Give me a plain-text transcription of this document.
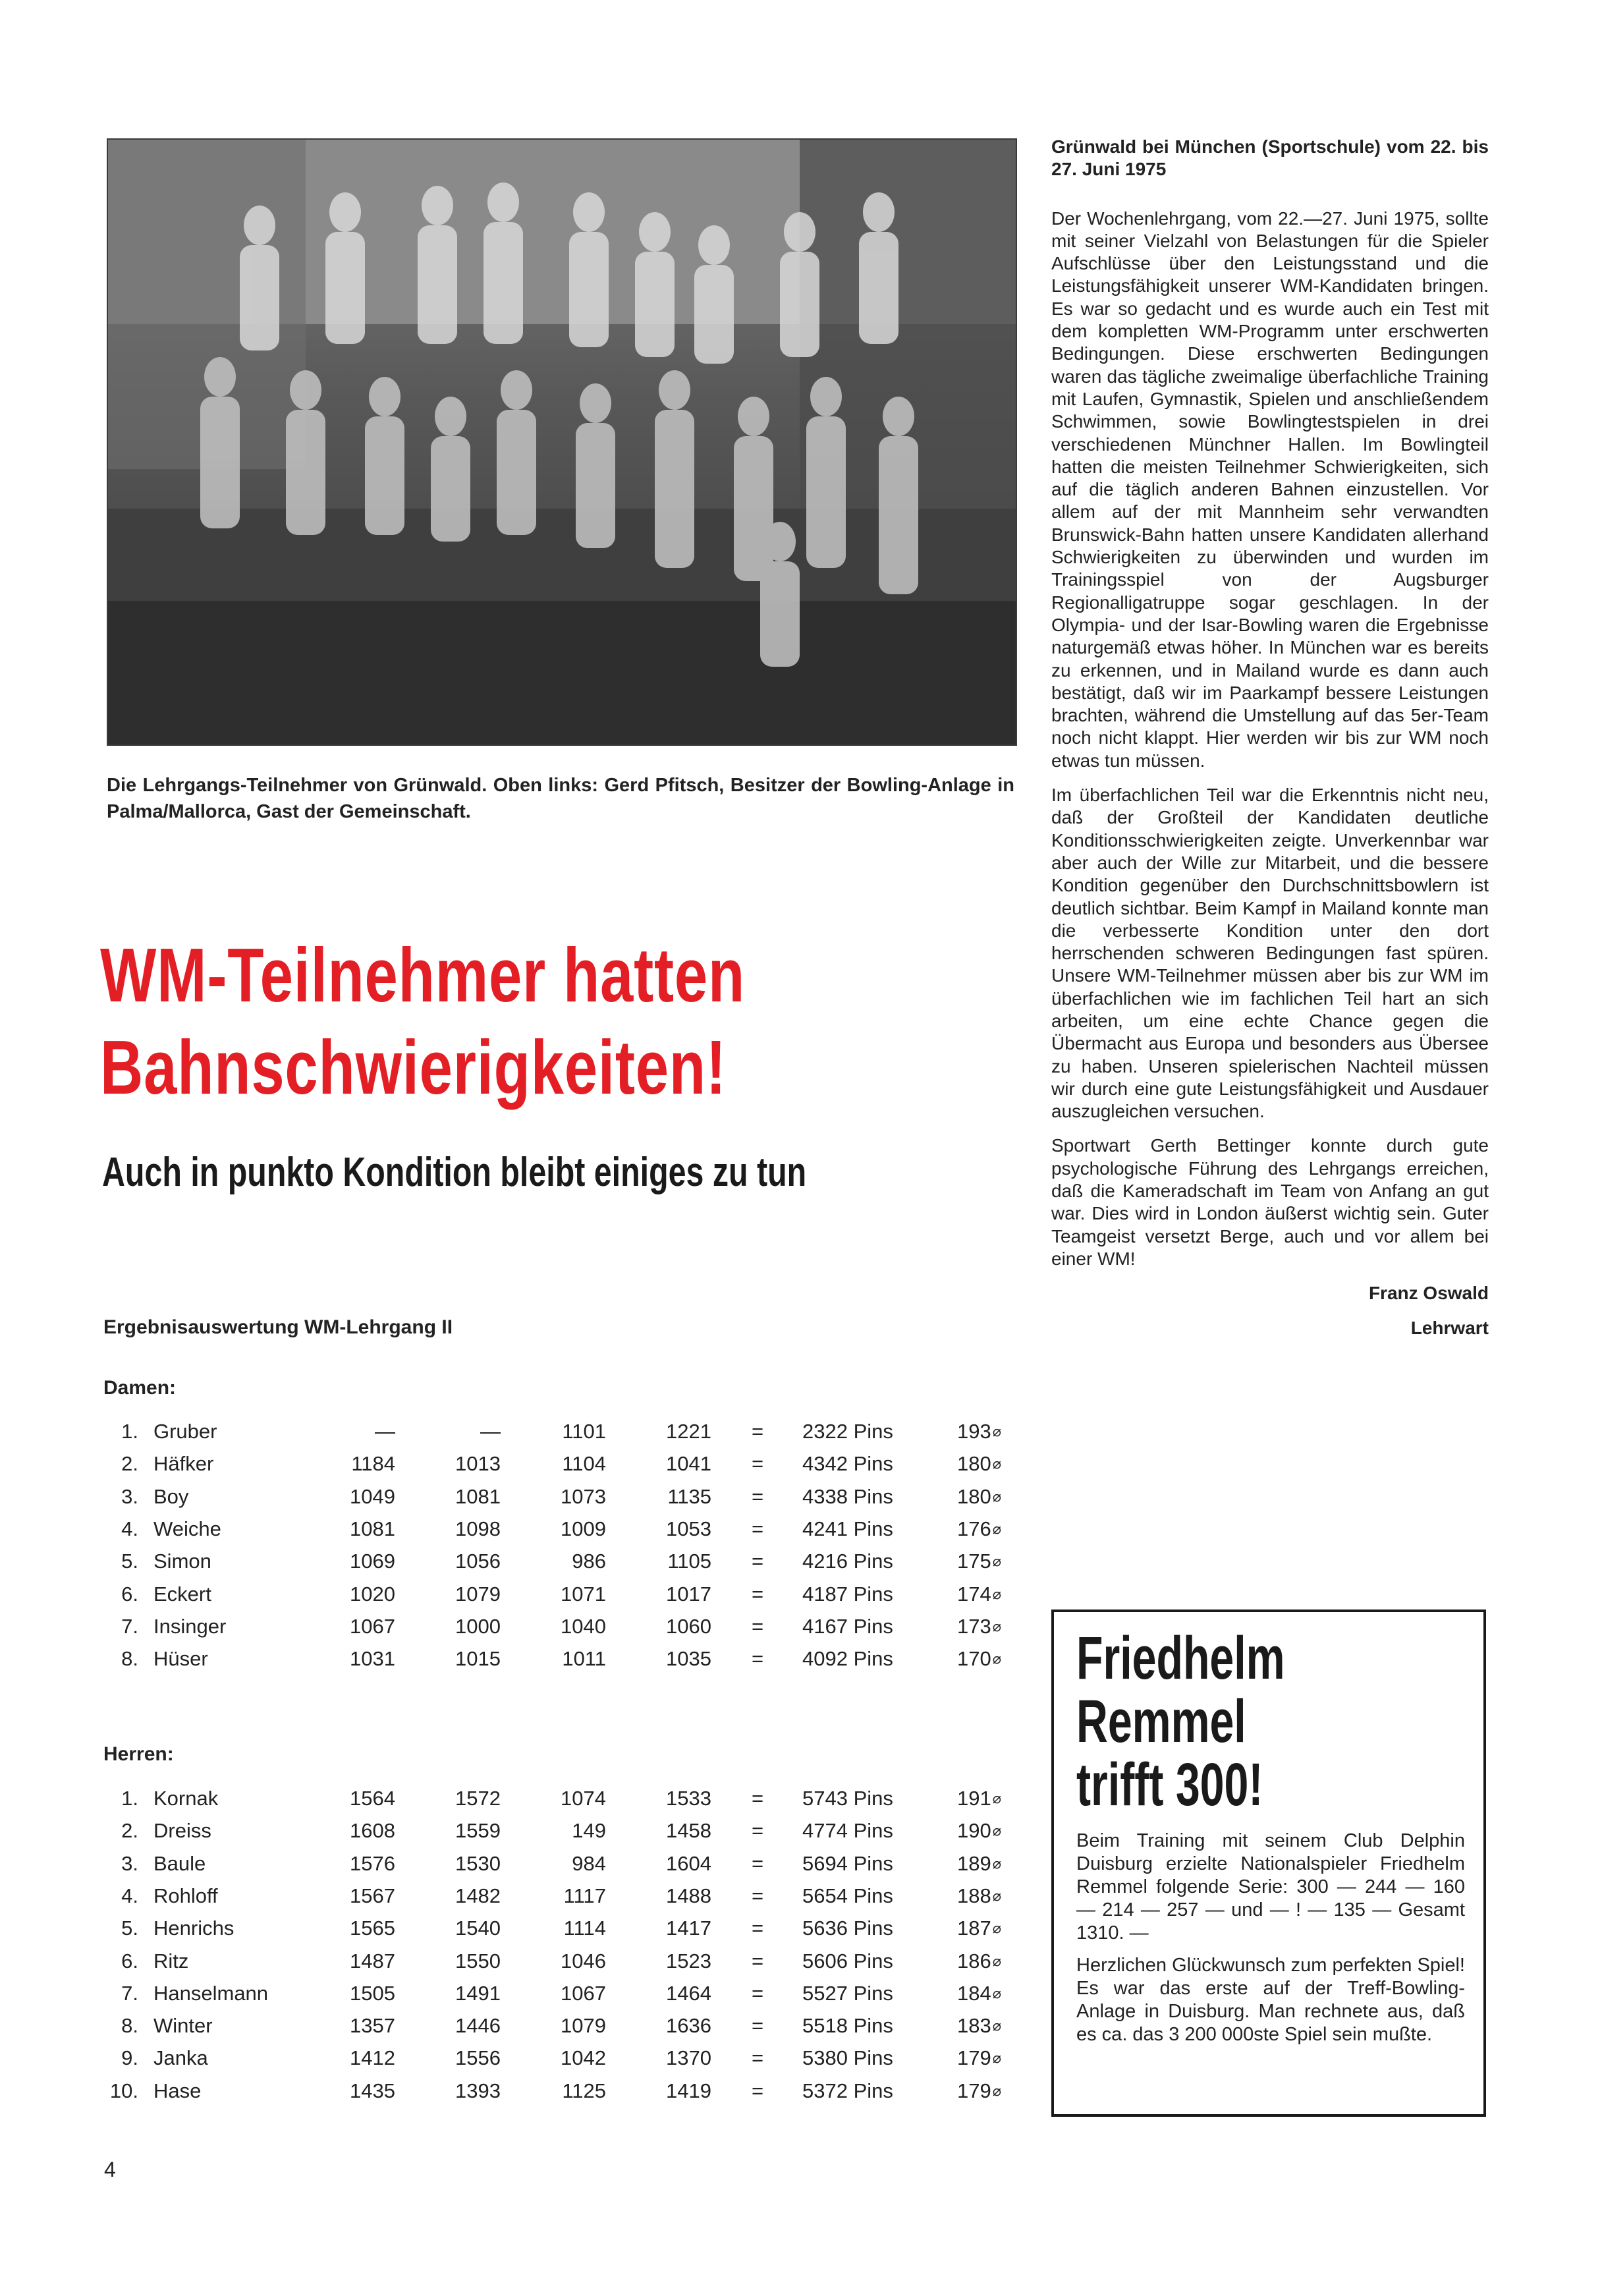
Die Lehrgangs-Teilnehmer von Grünwald. Oben links: Gerd Pfitsch, Besitzer der Bowling-Anlage in Palma/Mallorca, Gast der Gemeinschaft.
WM-Teilnehmer hatten
Bahnschwierigkeiten!
Auch in punkto Kondition bleibt einiges zu tun
Ergebnisauswertung WM-Lehrgang II
Damen:
1. Gruber	—	—	1101	1221	=	2322 Pins	193⌀
2. Häfker	1184	1013	1104	1041	=	4342 Pins	180⌀
3. Boy	1049	1081	1073	1135	=	4338 Pins	180⌀
4. Weiche	1081	1098	1009	1053	=	4241 Pins	176⌀
5. Simon	1069	1056	986	1105	=	4216 Pins	175⌀
6. Eckert	1020	1079	1071	1017	=	4187 Pins	174⌀
7. Insinger	1067	1000	1040	1060	=	4167 Pins	173⌀
8. Hüser	1031	1015	1011	1035	=	4092 Pins	170⌀
Herren:
1. Kornak	1564	1572	1074	1533	=	5743 Pins	191⌀
2. Dreiss	1608	1559	149	1458	=	4774 Pins	190⌀
3. Baule	1576	1530	984	1604	=	5694 Pins	189⌀
4. Rohloff	1567	1482	1117	1488	=	5654 Pins	188⌀
5. Henrichs	1565	1540	1114	1417	=	5636 Pins	187⌀
6. Ritz	1487	1550	1046	1523	=	5606 Pins	186⌀
7. Hanselmann	1505	1491	1067	1464	=	5527 Pins	184⌀
8. Winter	1357	1446	1079	1636	=	5518 Pins	183⌀
9. Janka	1412	1556	1042	1370	=	5380 Pins	179⌀
10. Hase	1435	1393	1125	1419	=	5372 Pins	179⌀

Grünwald bei München (Sportschule) vom 22. bis 27. Juni 1975

Der Wochenlehrgang, vom 22.—27. Juni 1975, sollte mit seiner Vielzahl von Belastungen für die Spieler Aufschlüsse über den Leistungsstand und die Leistungsfähigkeit unserer WM-Kandidaten bringen. Es war so gedacht und es wurde auch ein Test mit dem kompletten WM-Programm unter erschwerten Bedingungen. Diese erschwerten Bedingungen waren das tägliche zweimalige überfachliche Training mit Laufen, Gymnastik, Spielen und anschließendem Schwimmen, sowie Bowlingtestspielen in drei verschiedenen Münchner Hallen. Im Bowlingteil hatten die meisten Teilnehmer Schwierigkeiten, sich auf die täglich anderen Bahnen einzustellen. Vor allem auf der mit Mannheim sehr verwandten Brunswick-Bahn hatten unsere Kandidaten allerhand Schwierigkeiten zu überwinden und wurden im Trainingsspiel von der Augsburger Regionalligatruppe sogar geschlagen. In der Olympia- und der Isar-Bowling waren die Ergebnisse naturgemäß etwas höher. In München war es bereits zu erkennen, und in Mailand wurde es dann auch bestätigt, daß wir im Paarkampf bessere Leistungen brachten, während die Umstellung auf das 5er-Team noch nicht klappt. Hier werden wir bis zur WM noch etwas tun müssen.

Im überfachlichen Teil war die Erkenntnis nicht neu, daß der Großteil der Kandidaten deutliche Konditionsschwierigkeiten zeigte. Unverkennbar war aber auch der Wille zur Mitarbeit, und die bessere Kondition gegenüber den Durchschnittsbowlern ist deutlich sichtbar. Beim Kampf in Mailand konnte man die verbesserte Kondition unter den dort herrschenden schweren Bedingungen fast spüren. Unsere WM-Teilnehmer müssen aber bis zur WM im überfachlichen wie im fachlichen Teil hart an sich arbeiten, um eine echte Chance gegen die Übermacht aus Europa und besonders aus Übersee zu haben. Unseren spielerischen Nachteil müssen wir durch eine gute Leistungsfähigkeit und Ausdauer auszugleichen versuchen.

Sportwart Gerth Bettinger konnte durch gute psychologische Führung des Lehrgangs erreichen, daß die Kameradschaft im Team von Anfang an gut war. Dies wird in London äußerst wichtig sein. Guter Teamgeist versetzt Berge, auch und vor allem bei einer WM!

Franz Oswald

Lehrwart

Friedhelm
Remmel
trifft 300!

Beim Training mit seinem Club Delphin Duisburg erzielte Nationalspieler Friedhelm Remmel folgende Serie: 300 — 244 — 160 — 214 — 257 — und — ! — 135 — Gesamt 1310. —

Herzlichen Glückwunsch zum perfekten Spiel! Es war das erste auf der Treff-Bowling-Anlage in Duisburg. Man rechnete aus, daß es ca. das 3 200 000ste Spiel sein mußte.

4
